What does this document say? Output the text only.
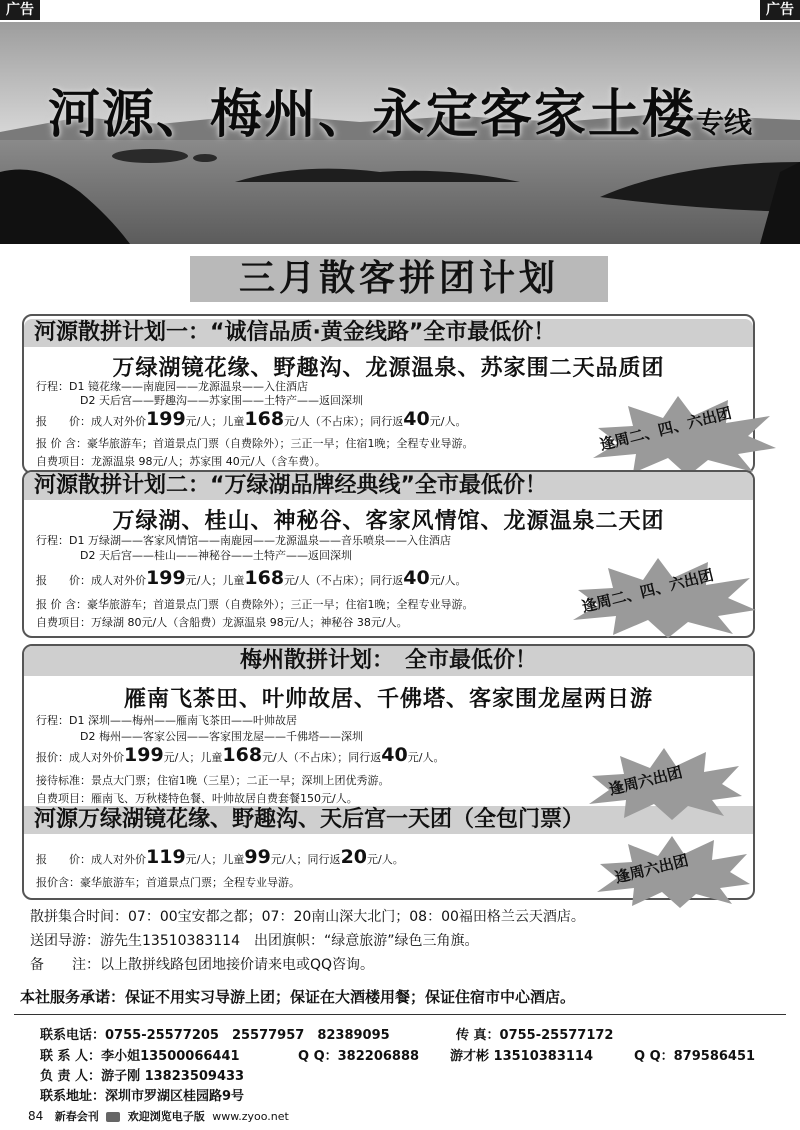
广告	广告
河源、梅州、永定客家土楼专线
三月散客拼团计划
河源散拼计划一：“诚信品质·黄金线路”全市最低价！
万绿湖镜花缘、野趣沟、龙源温泉、苏家围二天品质团
行程：D1 镜花缘——南鹿园——龙源温泉——入住酒店
D2 天后宫——野趣沟——苏家围——土特产——返回深圳
报　　价：成人对外价199元/人；儿童168元/人（不占床）；同行返40元/人。
报 价 含：豪华旅游车；首道景点门票（自费除外）；三正一早；住宿1晚；全程专业导游。
自费项目：龙源温泉 98元/人；苏家围 40元/人（含车费）。
逢周二、四、六出团
河源散拼计划二：“万绿湖品牌经典线”全市最低价！
万绿湖、桂山、神秘谷、客家风情馆、龙源温泉二天团
行程：D1 万绿湖——客家风情馆——南鹿园——龙源温泉——音乐喷泉——入住酒店
D2 天后宫——桂山——神秘谷——土特产——返回深圳
报　　价：成人对外价199元/人；儿童168元/人（不占床）；同行返40元/人。
报 价 含：豪华旅游车；首道景点门票（自费除外）；三正一早；住宿1晚；全程专业导游。
自费项目：万绿湖 80元/人（含船费）龙源温泉 98元/人；神秘谷 38元/人。
逢周二、四、六出团
梅州散拼计划：　全市最低价！
雁南飞茶田、叶帅故居、千佛塔、客家围龙屋两日游
行程：D1 深圳——梅州——雁南飞茶田——叶帅故居
D2 梅州——客家公园——客家围龙屋——千佛塔——深圳
报价：成人对外价199元/人；儿童168元/人（不占床）；同行返40元/人。
接待标准：景点大门票；住宿1晚（三星）；二正一早；深圳上团优秀游。
自费项目：雁南飞、万秋楼特色餐、叶帅故居自费套餐150元/人。
河源万绿湖镜花缘、野趣沟、天后宫一天团（全包门票）
报　　价：成人对外价119元/人；儿童99元/人；同行返20元/人。
报价含：豪华旅游车；首道景点门票；全程专业导游。
逢周六出团
逢周六出团
散拼集合时间：07：00宝安都之都；07：20南山深大北门；08：00福田格兰云天酒店。
送团导游：游先生13510383114　出团旗帜：“绿意旅游”绿色三角旗。
备　　注：以上散拼线路包团地接价请来电或QQ咨询。
本社服务承诺：保证不用实习导游上团；保证在大酒楼用餐；保证住宿市中心酒店。
联系电话：0755-25577205　25577957　82389095	传 真：0755-25577172
联 系 人：李小姐13500066441	Q Q：382206888 游才彬 13510383114	Q Q：879586451
负 责 人：游子刚 13823509433
联系地址：深圳市罗湖区桂园路9号
84 新春会刊	欢迎浏览电子版 www.zyoo.net
